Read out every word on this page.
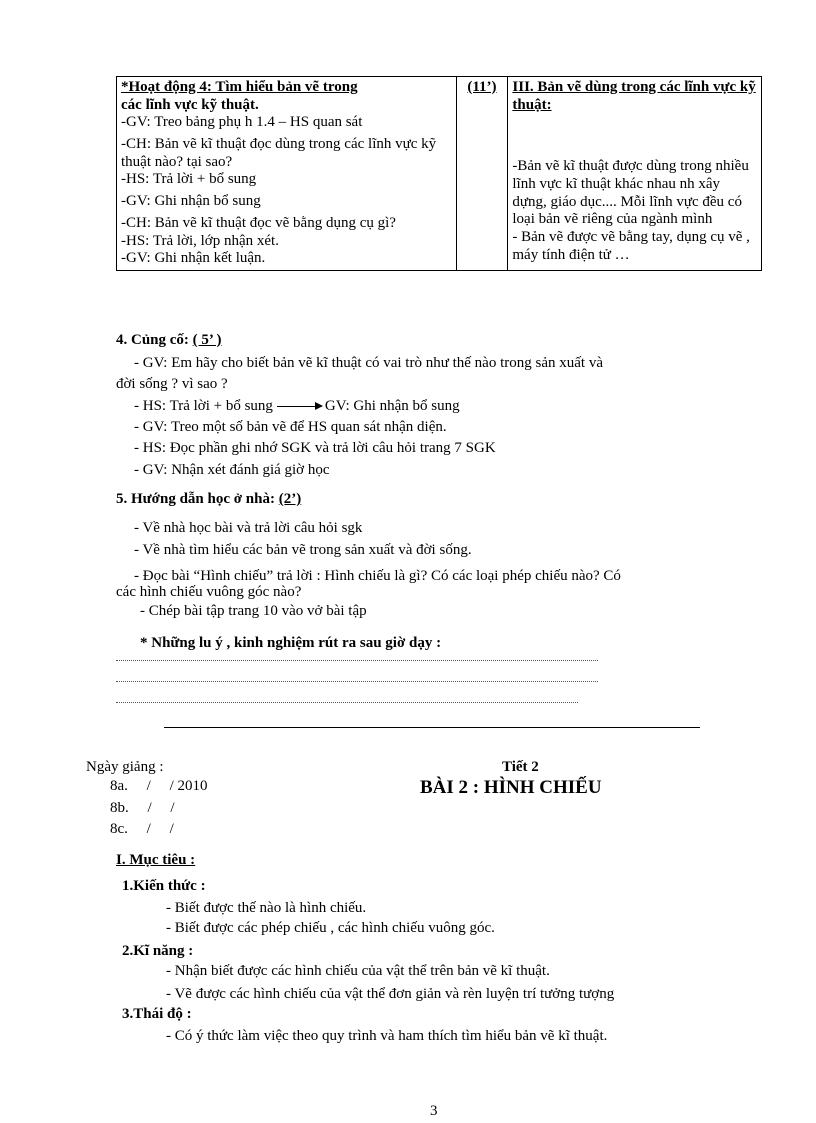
*Hoạt động 4: Tìm hiểu bản vẽ trong
các lĩnh vực kỹ thuật.
-GV: Treo bảng phụ h 1.4 – HS quan sát
-CH: Bản vẽ kĩ thuật đọc dùng trong các lĩnh vực kỹ thuật nào? tại sao?
-HS: Trả lời + bổ sung
-GV: Ghi nhận bổ sung
-CH: Bản vẽ kĩ thuật đọc vẽ bằng dụng cụ gì?
-HS: Trả lời, lớp nhận xét.
-GV: Ghi nhận kết luận.
	(11’)	III. Bản vẽ dùng trong các lĩnh vực kỹ thuật:
-Bản vẽ kĩ thuật được dùng trong nhiều lĩnh vực kĩ thuật khác nhau nh xây dựng, giáo dục.... Mỗi lĩnh vực đều có loại bản vẽ riêng của ngành mình
- Bản vẽ được vẽ bằng tay, dụng cụ vẽ , máy tính điện tử …
4. Củng cố: ( 5’ )
- GV: Em hãy cho biết bản vẽ kĩ thuật có vai trò như thế nào trong sản xuất và
đời sống ? vì sao ?
- HS: Trả lời + bổ sung	GV: Ghi nhận bổ sung
- GV: Treo một số bản vẽ để HS quan sát nhận diện.
- HS: Đọc phần ghi nhớ SGK và trả lời câu hỏi trang 7 SGK
- GV: Nhận xét đánh giá giờ học
5. Hướng dẫn học ở nhà: (2’)
- Về nhà học bài và trả lời câu hỏi sgk
- Về nhà tìm hiểu các bản vẽ trong sản xuất và đời sống.
- Đọc bài “Hình chiếu” trả lời : Hình chiếu là gì? Có các loại phép chiếu nào? Có
các hình chiếu vuông góc nào?
- Chép bài tập trang 10 vào vở bài tập
* Những lu ý , kinh nghiệm rút ra sau giờ dạy :
Ngày giảng :
8a.     /     / 2010
8b.     /     /
8c.     /     /
Tiết 2
BÀI 2 : HÌNH CHIẾU
I. Mục tiêu :
1.Kiến thức :
- Biết được thế nào là hình chiếu.
- Biết được các phép chiếu , các hình chiếu vuông góc.
2.Kĩ năng :
- Nhận biết được các hình chiếu của vật thể trên bản vẽ kĩ thuật.
- Vẽ được các hình chiếu của vật thể đơn giản và rèn luyện trí tưởng tượng
3.Thái độ :
- Có ý thức làm việc theo quy trình và ham thích tìm hiểu bản vẽ kĩ thuật.
3
